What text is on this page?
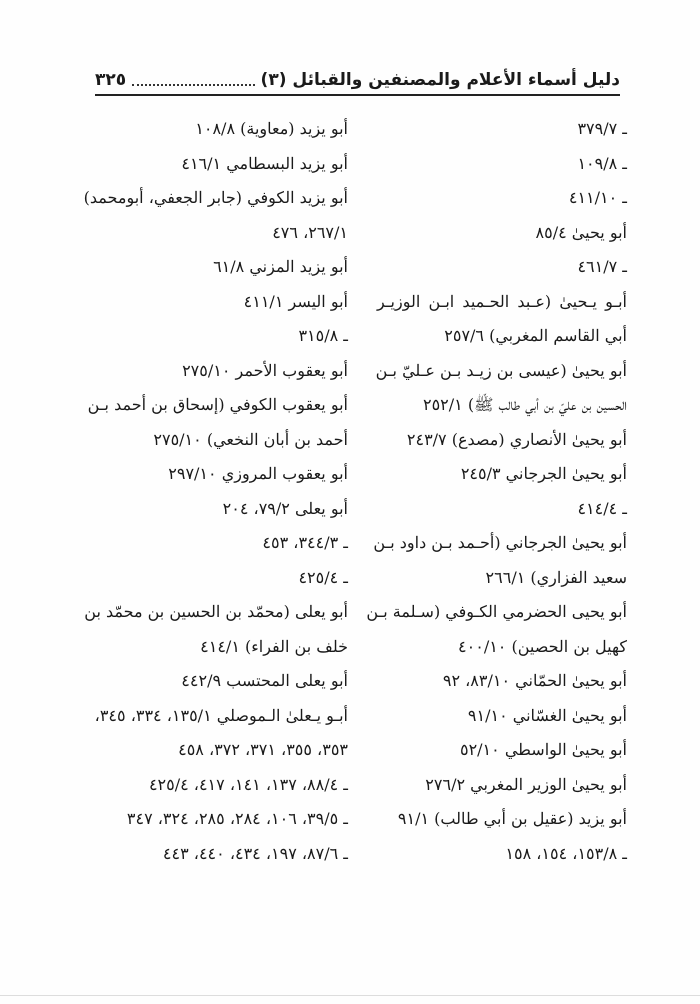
دليل أسماء الأعلام والمصنفين والقبائل (٣)
٣٢٥
ـ ٣٧٩/٧
ـ ١٠٩/٨
ـ ٤١١/١٠
أبو يحيىٰ ٨٥/٤
ـ ٤٦١/٧
أبـو يـحيىٰ (عـبد الحـميد ابـن الوزيـر
أبي القاسم المغربي) ٢٥٧/٦
أبو يحيىٰ (عيسى بن زيـد بـن عـليّ بـن
الحسين بن عليّ بن أبي طالب ﷺ) ٢٥٢/١
أبو يحيىٰ الأنصاري (مصدع) ٢٤٣/٧
أبو يحيىٰ الجرجاني ٢٤٥/٣
ـ ٤١٤/٤
أبو يحيىٰ الجرجاني (أحـمد بـن داود بـن
سعيد الفزاري) ٢٦٦/١
أبو يحيى الحضرمي الكـوفي (سـلمة بـن
كهيل بن الحصين) ٤٠٠/١٠
أبو يحيىٰ الحمّاني ٨٣/١٠، ٩٢
أبو يحيىٰ الغسّاني ٩١/١٠
أبو يحيىٰ الواسطي ٥٢/١٠
أبو يحيىٰ الوزير المغربي ٢٧٦/٢
أبو يزيد (عقيل بن أبي طالب) ٩١/١
ـ ١٥٣/٨، ١٥٤، ١٥٨
أبو يزيد (معاوية) ١٠٨/٨
أبو يزيد البسطامي ٤١٦/١
أبو يزيد الكوفي (جابر الجعفي، أبومحمد)
٢٦٧/١، ٤٧٦
أبو يزيد المزني ٦١/٨
أبو اليسر ٤١١/١
ـ ٣١٥/٨
أبو يعقوب الأحمر ٢٧٥/١٠
أبو يعقوب الكوفي (إسحاق بن أحمد بـن
أحمد بن أبان النخعي) ٢٧٥/١٠
أبو يعقوب المروزي ٢٩٧/١٠
أبو يعلى ٧٩/٢، ٢٠٤
ـ ٣٤٤/٣، ٤٥٣
ـ ٤٢٥/٤
أبو يعلى (محمّد بن الحسين بن محمّد بن
خلف بن الفراء) ٤١٤/١
أبو يعلى المحتسب ٤٤٢/٩
أبـو يـعلىٰ الـموصلي ١٣٥/١، ٣٣٤، ٣٤٥،
٣٥٣، ٣٥٥، ٣٧١، ٣٧٢، ٤٥٨
ـ ٨٨/٤، ١٣٧، ١٤١، ٤١٧، ٤٢٥/٤
ـ ٣٩/٥، ١٠٦، ٢٨٤، ٢٨٥، ٣٢٤، ٣٤٧
ـ ٨٧/٦، ١٩٧، ٤٣٤، ٤٤٠، ٤٤٣
